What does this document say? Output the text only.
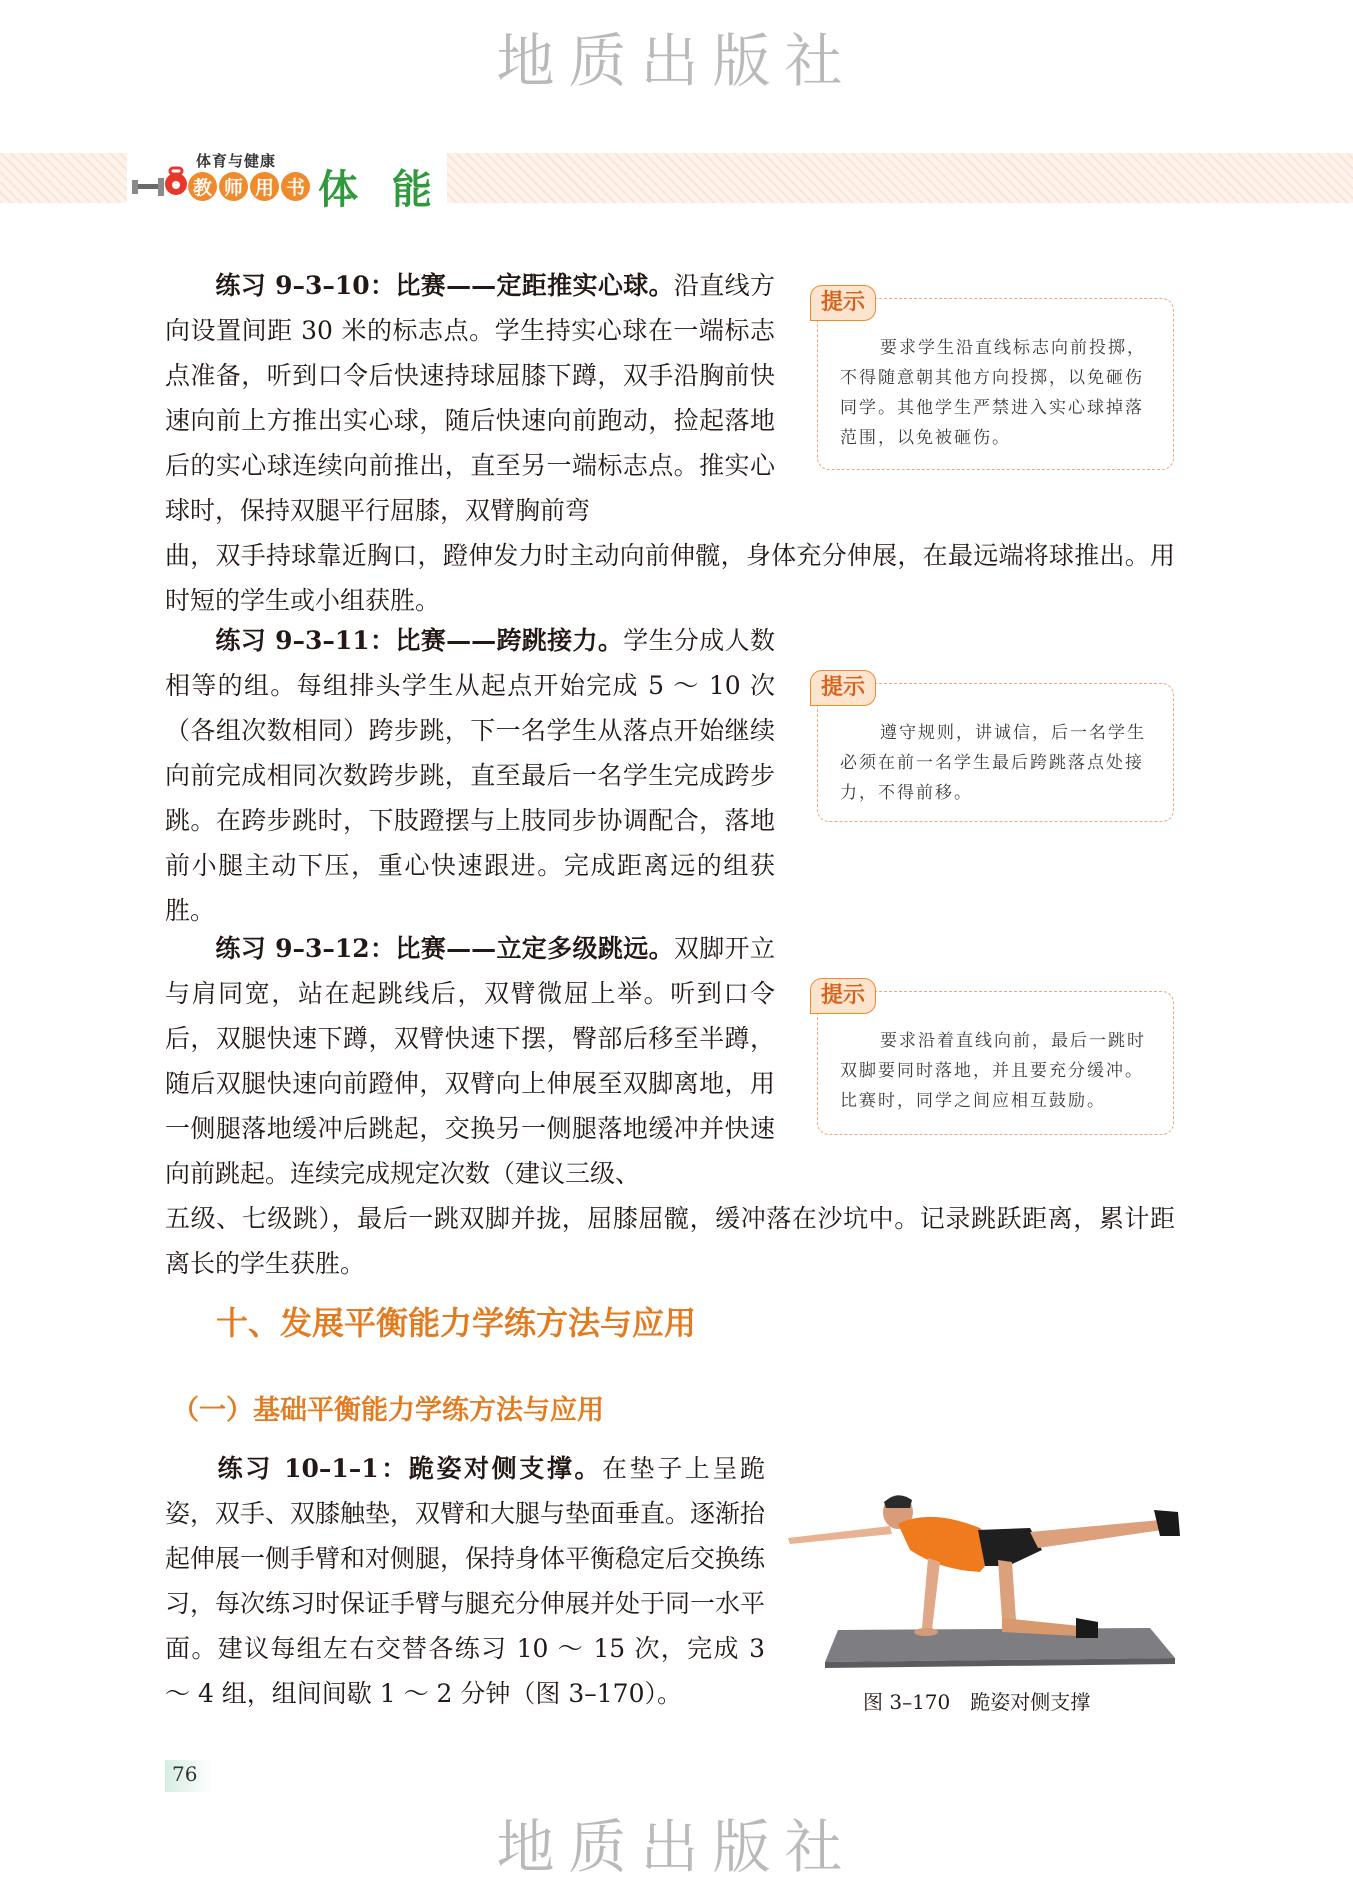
地质出版社
体育与健康
教 师 用 书 体 能

练习 9–3–10：比赛——定距推实心球。沿直线方向设置间距 30 米的标志点。学生持实心球在一端标志点准备，听到口令后快速持球屈膝下蹲，双手沿胸前快速向前上方推出实心球，随后快速向前跑动，捡起落地后的实心球连续向前推出，直至另一端标志点。推实心球时，保持双腿平行屈膝，双臂胸前弯

曲，双手持球靠近胸口，蹬伸发力时主动向前伸髋，身体充分伸展，在最远端将球推出。用时短的学生或小组获胜。

提示

要求学生沿直线标志向前投掷，不得随意朝其他方向投掷，以免砸伤同学。其他学生严禁进入实心球掉落范围，以免被砸伤。

练习 9–3–11：比赛——跨跳接力。学生分成人数相等的组。每组排头学生从起点开始完成 5 ～ 10 次（各组次数相同）跨步跳，下一名学生从落点开始继续向前完成相同次数跨步跳，直至最后一名学生完成跨步跳。在跨步跳时，下肢蹬摆与上肢同步协调配合，落地前小腿主动下压，重心快速跟进。完成距离远的组获胜。

提示

遵守规则，讲诚信，后一名学生必须在前一名学生最后跨跳落点处接力，不得前移。

练习 9–3–12：比赛——立定多级跳远。双脚开立与肩同宽，站在起跳线后，双臂微屈上举。听到口令后，双腿快速下蹲，双臂快速下摆，臀部后移至半蹲，随后双腿快速向前蹬伸，双臂向上伸展至双脚离地，用一侧腿落地缓冲后跳起，交换另一侧腿落地缓冲并快速向前跳起。连续完成规定次数（建议三级、

五级、七级跳），最后一跳双脚并拢，屈膝屈髋，缓冲落在沙坑中。记录跳跃距离，累计距离长的学生获胜。

提示

要求沿着直线向前，最后一跳时双脚要同时落地，并且要充分缓冲。比赛时，同学之间应相互鼓励。

十、发展平衡能力学练方法与应用
（一）基础平衡能力学练方法与应用

练习 10–1–1：跪姿对侧支撑。在垫子上呈跪姿，双手、双膝触垫，双臂和大腿与垫面垂直。逐渐抬起伸展一侧手臂和对侧腿，保持身体平衡稳定后交换练习，每次练习时保证手臂与腿充分伸展并处于同一水平面。建议每组左右交替各练习 10 ～ 15 次，完成 3 ～ 4 组，组间间歇 1 ～ 2 分钟（图 3–170）。	图 3–170　跪姿对侧支撑
76
地质出版社
